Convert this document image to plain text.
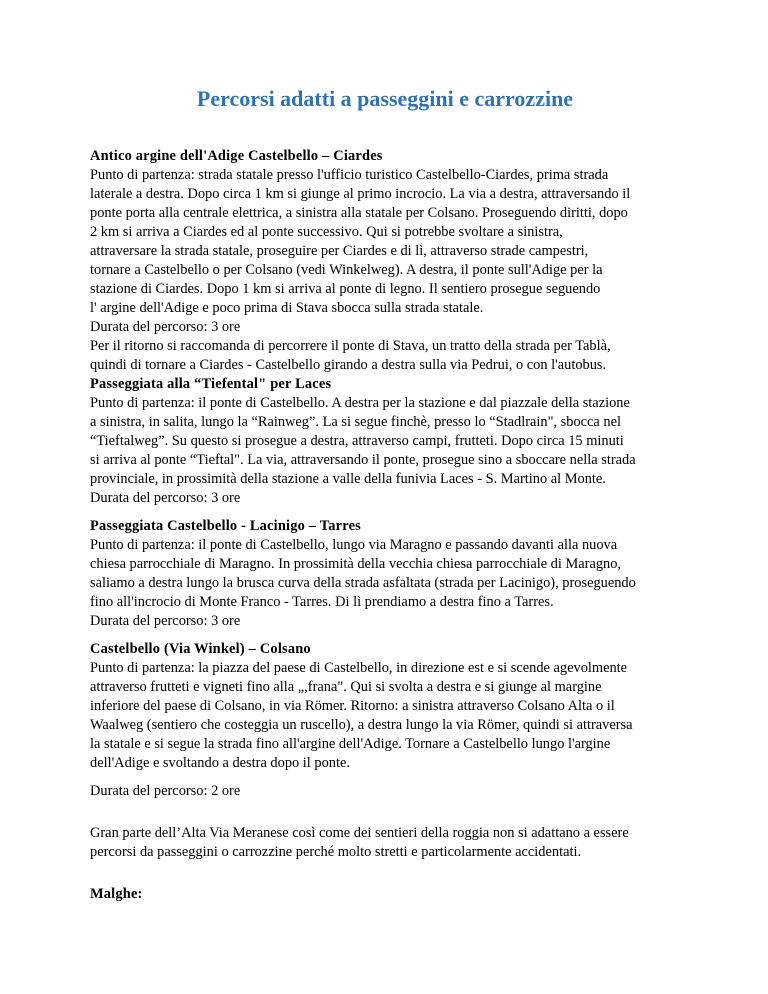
Percorsi adatti a passeggini e carrozzine
Antico argine dell'Adige Castelbello – Ciardes
Punto di partenza: strada statale presso l'ufficio turistico Castelbello-Ciardes, prima strada
laterale a destra. Dopo circa 1 km si giunge al primo incrocio. La via a destra, attraversando il
ponte porta alla centrale elettrica, a sinistra alla statale per Colsano. Proseguendo diritti, dopo
2 km si arriva a Ciardes ed al ponte successivo. Qui si potrebbe svoltare a sinistra,
attraversare la strada statale, proseguire per Ciardes e di lì, attraverso strade campestri,
tornare a Castelbello o per Colsano (vedi Winkelweg). A destra, il ponte sull'Adige per la
stazione di Ciardes. Dopo 1 km si arriva al ponte di legno. Il sentiero prosegue seguendo
l' argine dell'Adige e poco prima di Stava sbocca sulla strada statale.
Durata del percorso: 3 ore
Per il ritorno si raccomanda di percorrere il ponte di Stava, un tratto della strada per Tablà,
quindi di tornare a Ciardes - Castelbello girando a destra sulla via Pedrui, o con l'autobus.
Passeggiata alla “Tiefental" per Laces
Punto di partenza: il ponte di Castelbello. A destra per la stazione e dal piazzale della stazione
a sinistra, in salita, lungo la “Rainweg”. La si segue finchè, presso lo “Stadlrain", sbocca nel
“Tieftalweg”. Su questo si prosegue a destra, attraverso campi, frutteti. Dopo circa 15 minuti
si arriva al ponte “Tieftal". La via, attraversando il ponte, prosegue sino a sboccare nella strada
provinciale, in prossimità della stazione a valle della funivia Laces - S. Martino al Monte.
Durata del percorso: 3 ore
Passeggiata Castelbello - Lacinigo – Tarres
Punto di partenza: il ponte di Castelbello, lungo via Maragno e passando davanti alla nuova
chiesa parrocchiale di Maragno. In prossimità della vecchia chiesa parrocchiale di Maragno,
saliamo a destra lungo la brusca curva della strada asfaltata (strada per Lacinigo), proseguendo
fino all'incrocio di Monte Franco - Tarres. Di lì prendiamo a destra fino a Tarres.
Durata del percorso: 3 ore
Castelbello (Via Winkel) – Colsano
Punto di partenza: la piazza del paese di Castelbello, in direzione est e si scende agevolmente
attraverso frutteti e vigneti fino alla „,frana". Qui si svolta a destra e si giunge al margine
inferiore del paese di Colsano, in via Römer. Ritorno: a sinistra attraverso Colsano Alta o il
Waalweg (sentiero che costeggia un ruscello), a destra lungo la via Römer, quindi si attraversa
la statale e si segue la strada fino all'argine dell'Adige. Tornare a Castelbello lungo l'argine
dell'Adige e svoltando a destra dopo il ponte.
Durata del percorso: 2 ore
Gran parte dell’Alta Via Meranese così come dei sentieri della roggia non si adattano a essere
percorsi da passeggini o carrozzine perché molto stretti e particolarmente accidentati.
Malghe:
